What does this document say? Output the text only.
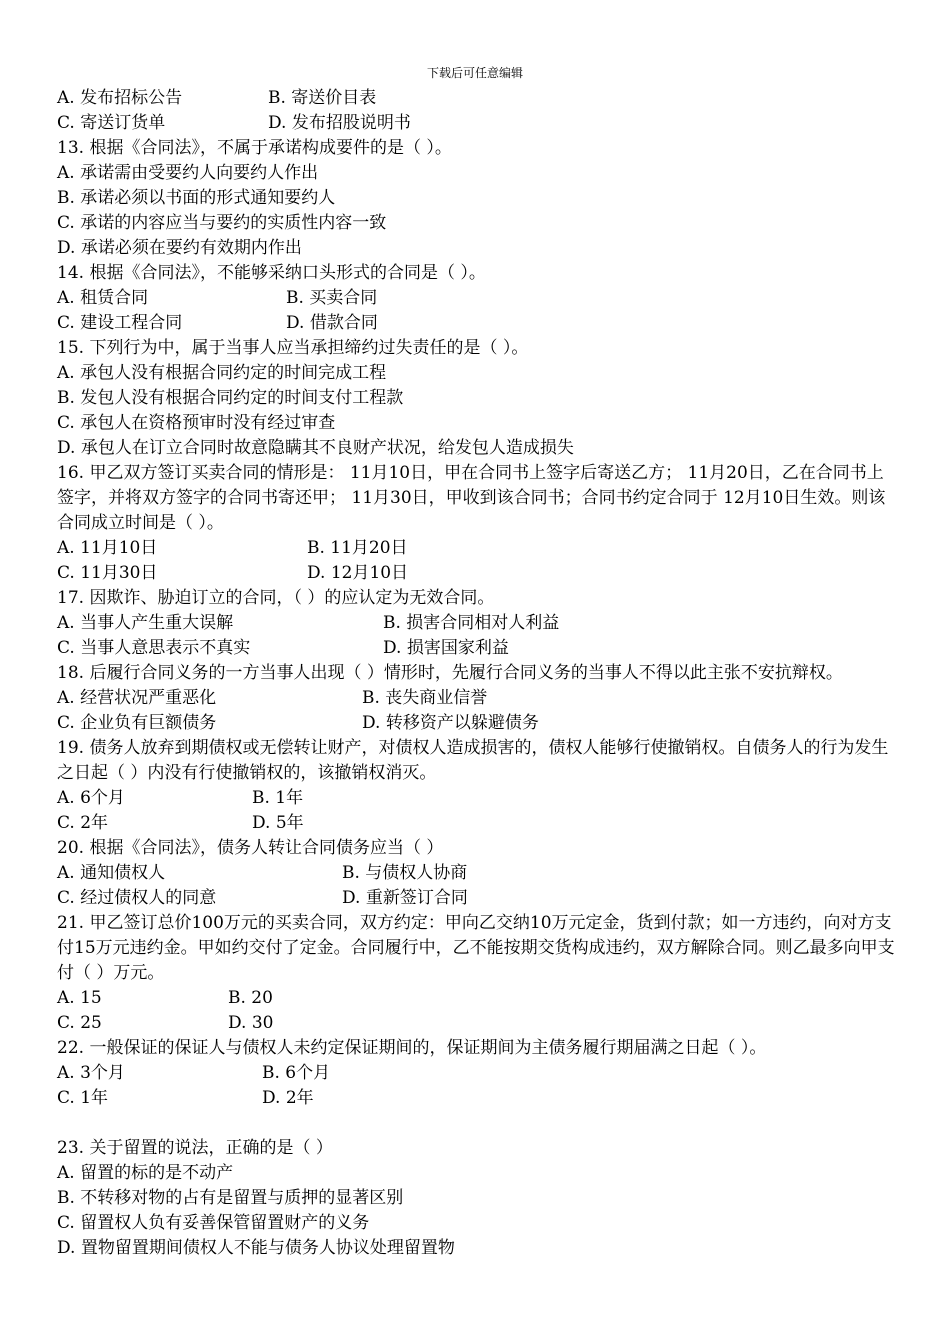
下载后可任意编辑
A. 发布招标公告	B. 寄送价目表
C. 寄送订货单	D. 发布招股说明书
13. 根据《合同法》，不属于承诺构成要件的是（ ）。
A. 承诺需由受要约人向要约人作出
B. 承诺必须以书面的形式通知要约人
C. 承诺的内容应当与要约的实质性内容一致
D. 承诺必须在要约有效期内作出
14. 根据《合同法》，不能够采纳口头形式的合同是（ ）。
A. 租赁合同	B. 买卖合同
C. 建设工程合同	D. 借款合同
15. 下列行为中，属于当事人应当承担缔约过失责任的是（ ）。
A. 承包人没有根据合同约定的时间完成工程
B. 发包人没有根据合同约定的时间支付工程款
C. 承包人在资格预审时没有经过审查
D. 承包人在订立合同时故意隐瞒其不良财产状况，给发包人造成损失
16. 甲乙双方签订买卖合同的情形是： 11月10日，甲在合同书上签字后寄送乙方； 11月20日，乙在合同书上签字，并将双方签字的合同书寄还甲； 11月30日，甲收到该合同书；合同书约定合同于 12月10日生效。则该合同成立时间是（ ）。
A. 11月10日	B. 11月20日
C. 11月30日	D. 12月10日
17. 因欺诈、胁迫订立的合同，（ ）的应认定为无效合同。
A. 当事人产生重大误解	B. 损害合同相对人利益
C. 当事人意思表示不真实	D. 损害国家利益
18. 后履行合同义务的一方当事人出现（ ）情形时，先履行合同义务的当事人不得以此主张不安抗辩权。
A. 经营状况严重恶化	B. 丧失商业信誉
C. 企业负有巨额债务	D. 转移资产以躲避债务
19. 债务人放弃到期债权或无偿转让财产，对债权人造成损害的，债权人能够行使撤销权。自债务人的行为发生之日起（ ）内没有行使撤销权的，该撤销权消灭。
A. 6个月	B. 1年
C. 2年	D. 5年
20. 根据《合同法》，债务人转让合同债务应当（ ）
A. 通知债权人	B. 与债权人协商
C. 经过债权人的同意	D. 重新签订合同
21. 甲乙签订总价100万元的买卖合同，双方约定：甲向乙交纳10万元定金，货到付款；如一方违约，向对方支付15万元违约金。甲如约交付了定金。合同履行中，乙不能按期交货构成违约，双方解除合同。则乙最多向甲支付（ ）万元。
A. 15	B. 20
C. 25	D. 30
22. 一般保证的保证人与债权人未约定保证期间的，保证期间为主债务履行期届满之日起（ ）。
A. 3个月	B. 6个月
C. 1年	D. 2年
23. 关于留置的说法，正确的是（ ）
A. 留置的标的是不动产
B. 不转移对物的占有是留置与质押的显著区别
C. 留置权人负有妥善保管留置财产的义务
D. 置物留置期间债权人不能与债务人协议处理留置物
